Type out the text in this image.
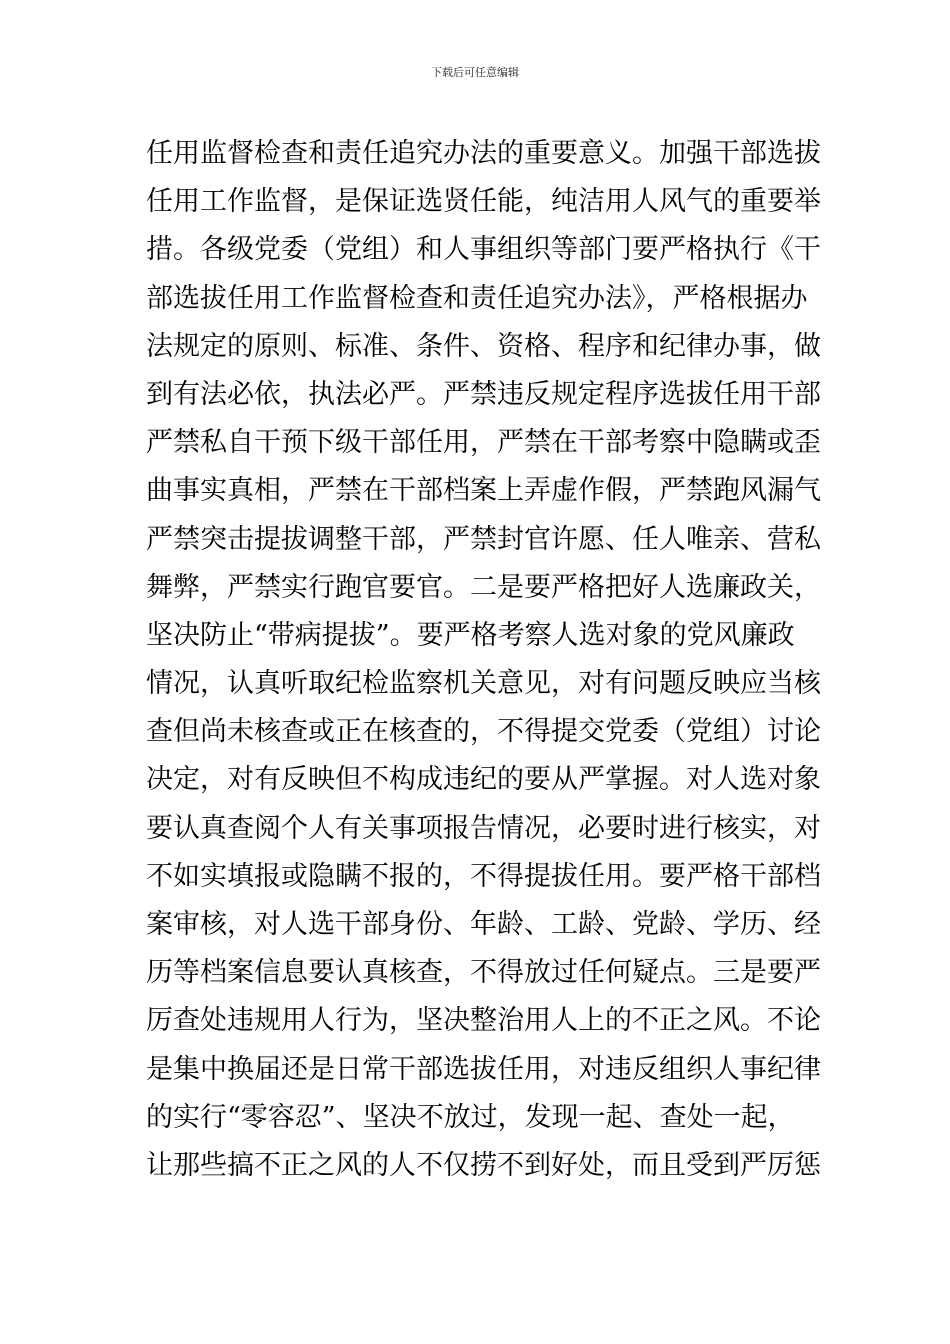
下载后可任意编辑
任用监督检查和责任追究办法的重要意义。加强干部选拔
任用工作监督，是保证选贤任能，纯洁用人风气的重要举
措。各级党委（党组）和人事组织等部门要严格执行《干
部选拔任用工作监督检查和责任追究办法》，严格根据办
法规定的原则、标准、条件、资格、程序和纪律办事，做
到有法必依，执法必严。严禁违反规定程序选拔任用干部
严禁私自干预下级干部任用，严禁在干部考察中隐瞒或歪
曲事实真相，严禁在干部档案上弄虚作假，严禁跑风漏气
严禁突击提拔调整干部，严禁封官许愿、任人唯亲、营私
舞弊，严禁实行跑官要官。二是要严格把好人选廉政关，
坚决防止“带病提拔”。要严格考察人选对象的党风廉政
情况，认真听取纪检监察机关意见，对有问题反映应当核
查但尚未核查或正在核查的，不得提交党委（党组）讨论
决定，对有反映但不构成违纪的要从严掌握。对人选对象
要认真查阅个人有关事项报告情况，必要时进行核实，对
不如实填报或隐瞒不报的，不得提拔任用。要严格干部档
案审核，对人选干部身份、年龄、工龄、党龄、学历、经
历等档案信息要认真核查，不得放过任何疑点。三是要严
厉查处违规用人行为，坚决整治用人上的不正之风。不论
是集中换届还是日常干部选拔任用，对违反组织人事纪律
的实行“零容忍”、坚决不放过，发现一起、查处一起，
让那些搞不正之风的人不仅捞不到好处，而且受到严厉惩
